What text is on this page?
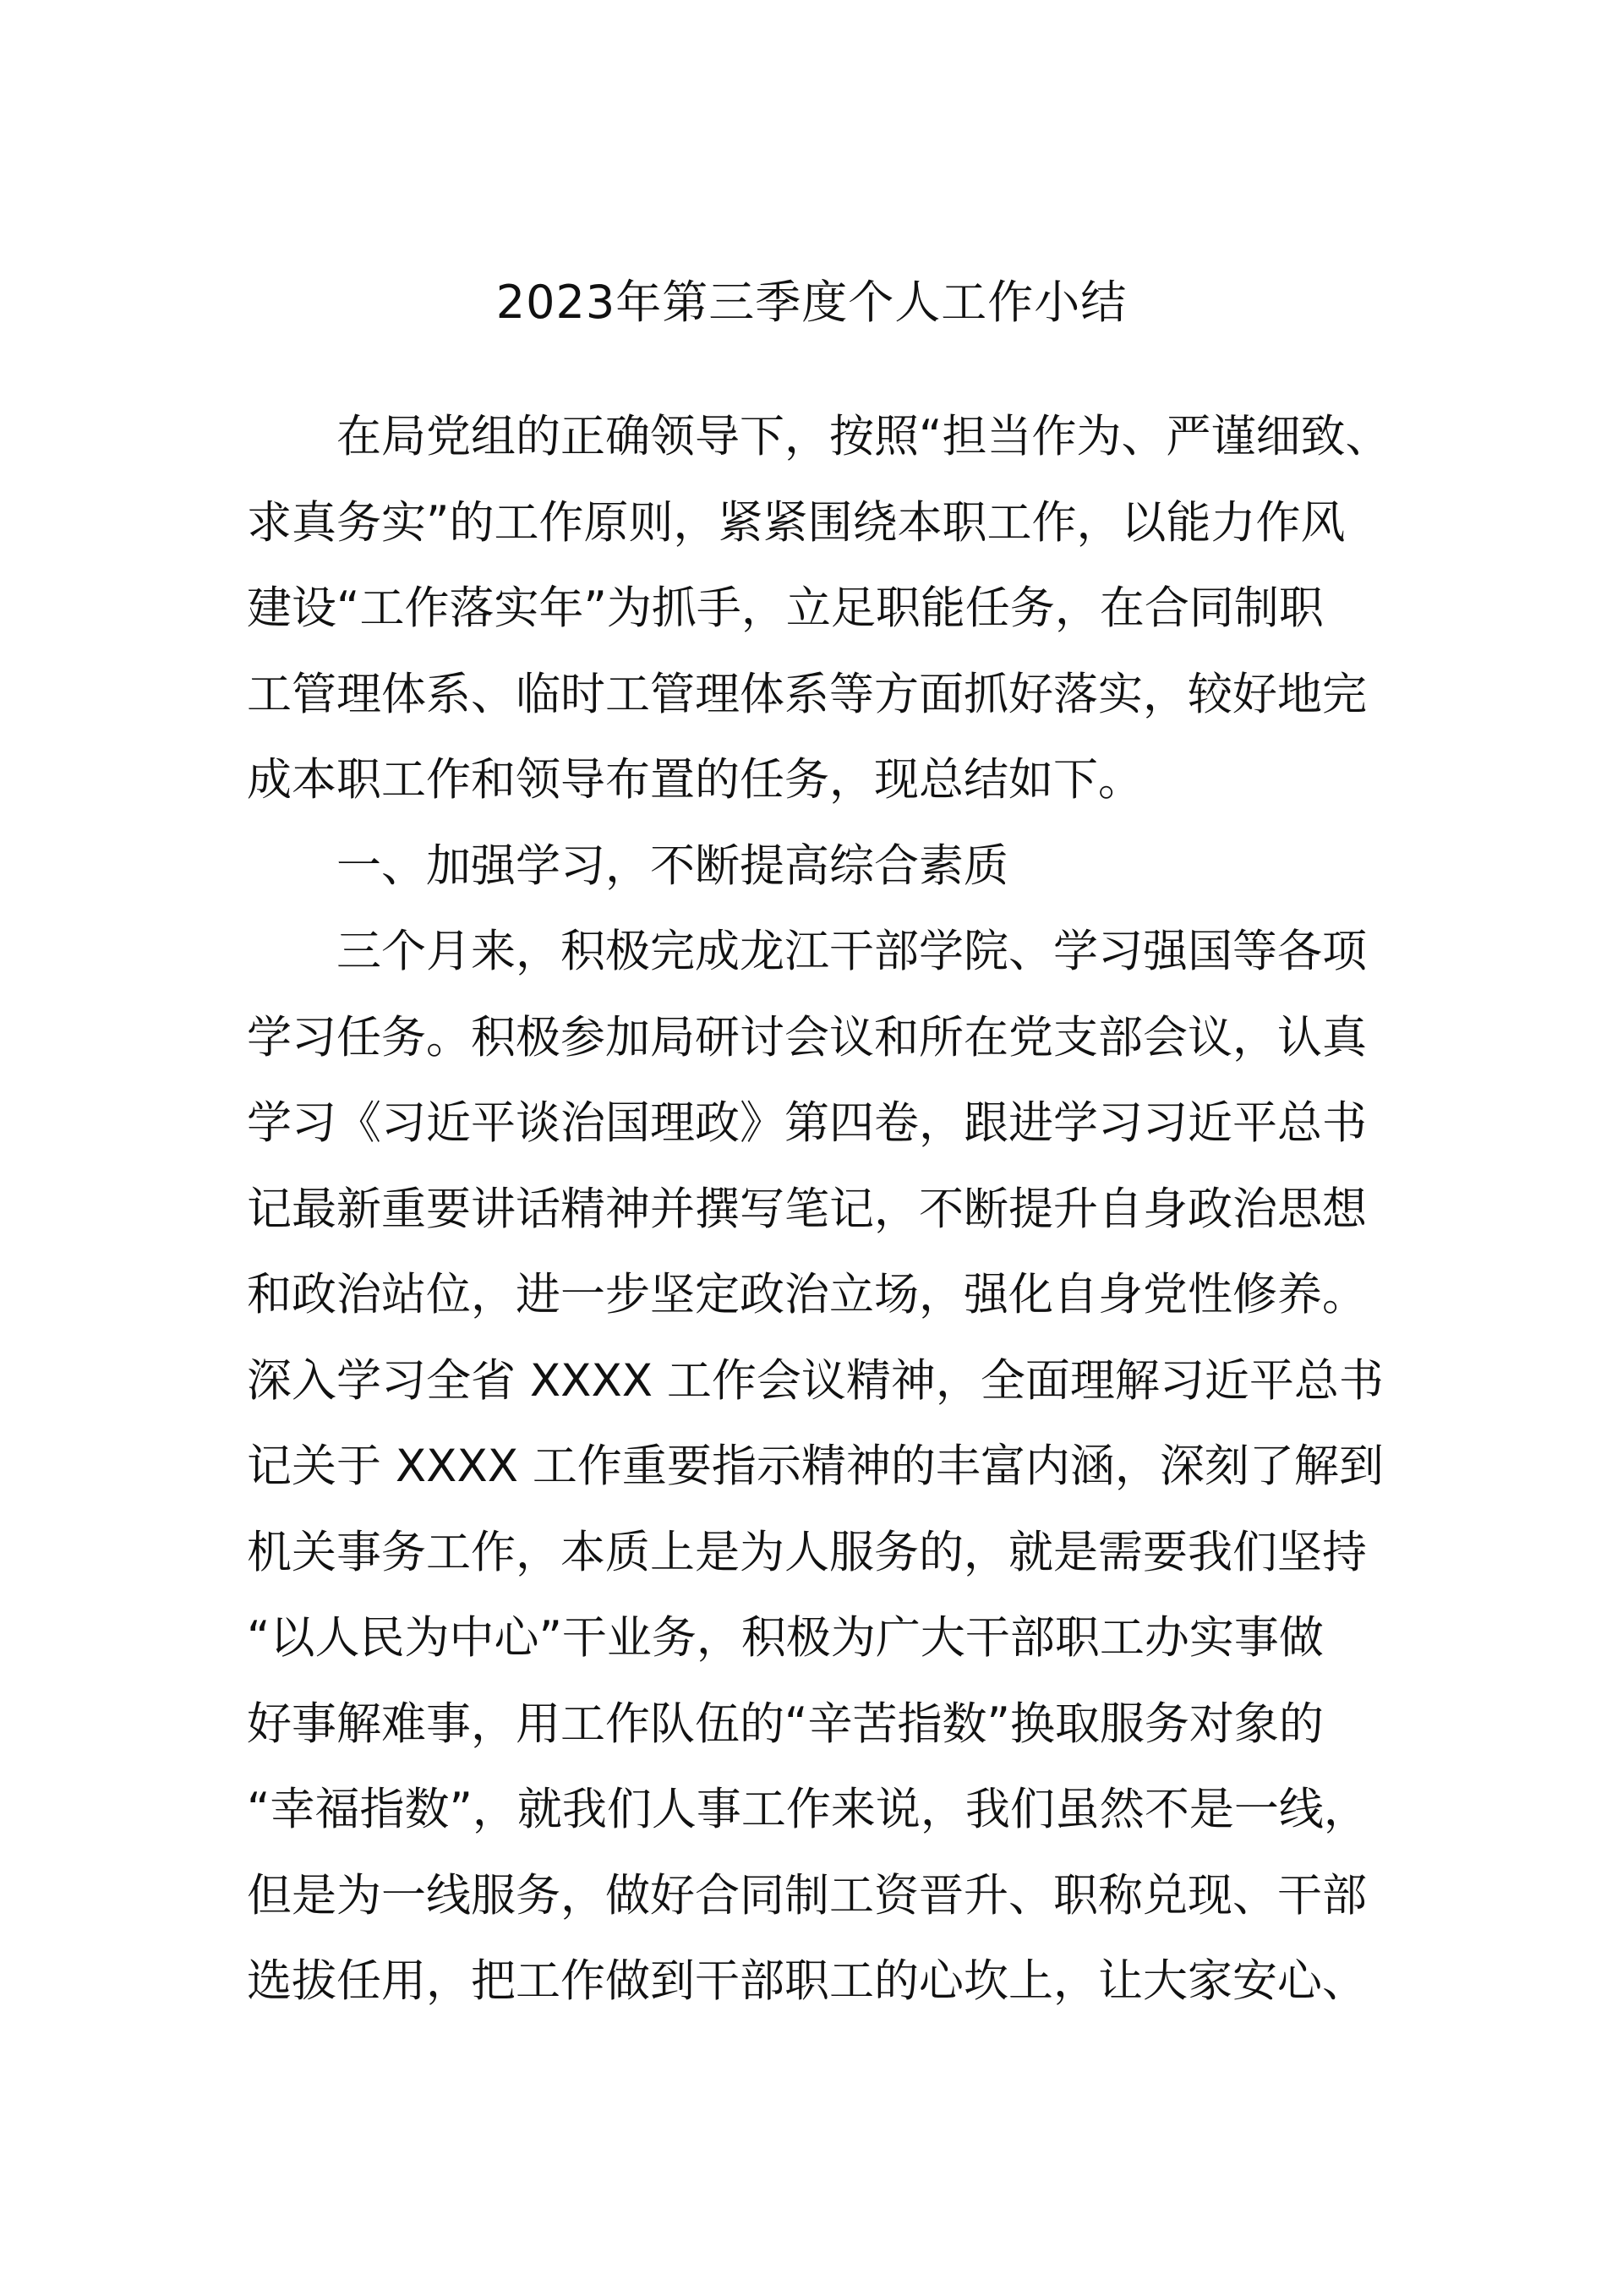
2023年第三季度个人工作小结
在局党组的正确领导下，按照“担当作为、严谨细致、
求真务实”的工作原则，紧紧围绕本职工作，以能力作风
建设“工作落实年”为抓手，立足职能任务，在合同制职
工管理体系、临时工管理体系等方面抓好落实，较好地完
成本职工作和领导布置的任务，现总结如下。
一、加强学习，不断提高综合素质
三个月来，积极完成龙江干部学院、学习强国等各项
学习任务。积极参加局研讨会议和所在党支部会议，认真
学习《习近平谈治国理政》第四卷，跟进学习习近平总书
记最新重要讲话精神并撰写笔记，不断提升自身政治思想
和政治站位，进一步坚定政治立场，强化自身党性修养。
深入学习全省 XXXX 工作会议精神，全面理解习近平总书
记关于 XXXX 工作重要指示精神的丰富内涵，深刻了解到
机关事务工作，本质上是为人服务的，就是需要我们坚持
“以人民为中心”干业务，积极为广大干部职工办实事做
好事解难事，用工作队伍的“辛苦指数”换取服务对象的
“幸福指数”，就我们人事工作来说，我们虽然不是一线，
但是为一线服务，做好合同制工资晋升、职称兑现、干部
选拔任用，把工作做到干部职工的心坎上，让大家安心、
